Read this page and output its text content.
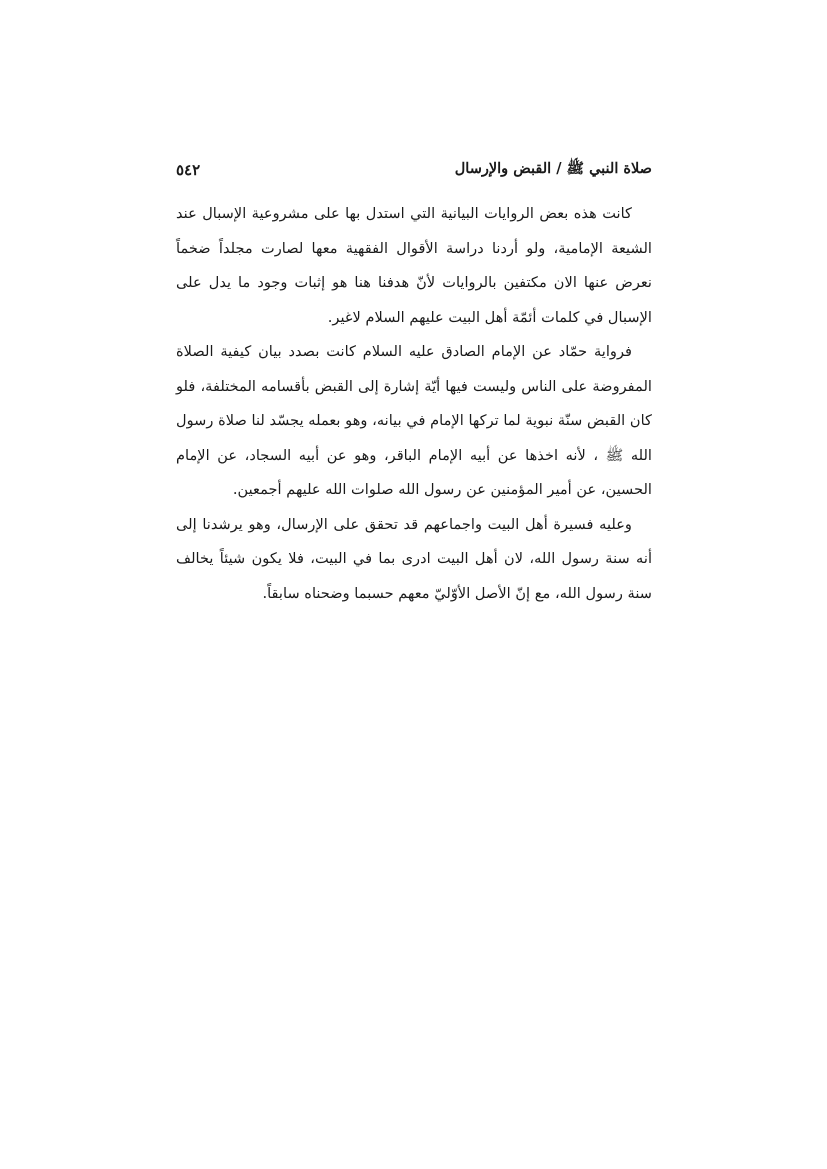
صلاة النبي ﷺ / القبض والإرسال
٥٤٢

كانت هذه بعض الروايات البيانية التي استدل بها على مشروعية الإسبال عند الشيعة الإمامية، ولو أردنا دراسة الأقوال الفقهية معها لصارت مجلداً ضخماً نعرض عنها الان مكتفين بالروايات لأنّ هدفنا هنا هو إثبات وجود ما يدل على الإسبال في كلمات أئمّة أهل البيت عليهم السلام لاغير.

فرواية حمّاد عن الإمام الصادق عليه السلام كانت بصدد بيان كيفية الصلاة المفروضة على الناس وليست فيها أيّة إشارة إلى القبض بأقسامه المختلفة، فلو كان القبض سنّة نبوية لما تركها الإمام في بيانه، وهو بعمله يجسّد لنا صلاة رسول الله ﷺ ، لأنه اخذها عن أبيه الإمام الباقر، وهو عن أبيه السجاد، عن الإمام الحسين، عن أمير المؤمنين عن رسول الله صلوات الله عليهم أجمعين.

وعليه فسيرة أهل البيت واجماعهم قد تحقق على الإرسال، وهو يرشدنا إلى أنه سنة رسول الله، لان أهل البيت ادرى بما في البيت، فلا يكون شيئاً يخالف سنة رسول الله، مع إنّ الأصل الأوّليّ معهم حسبما وضحناه سابقاً.
